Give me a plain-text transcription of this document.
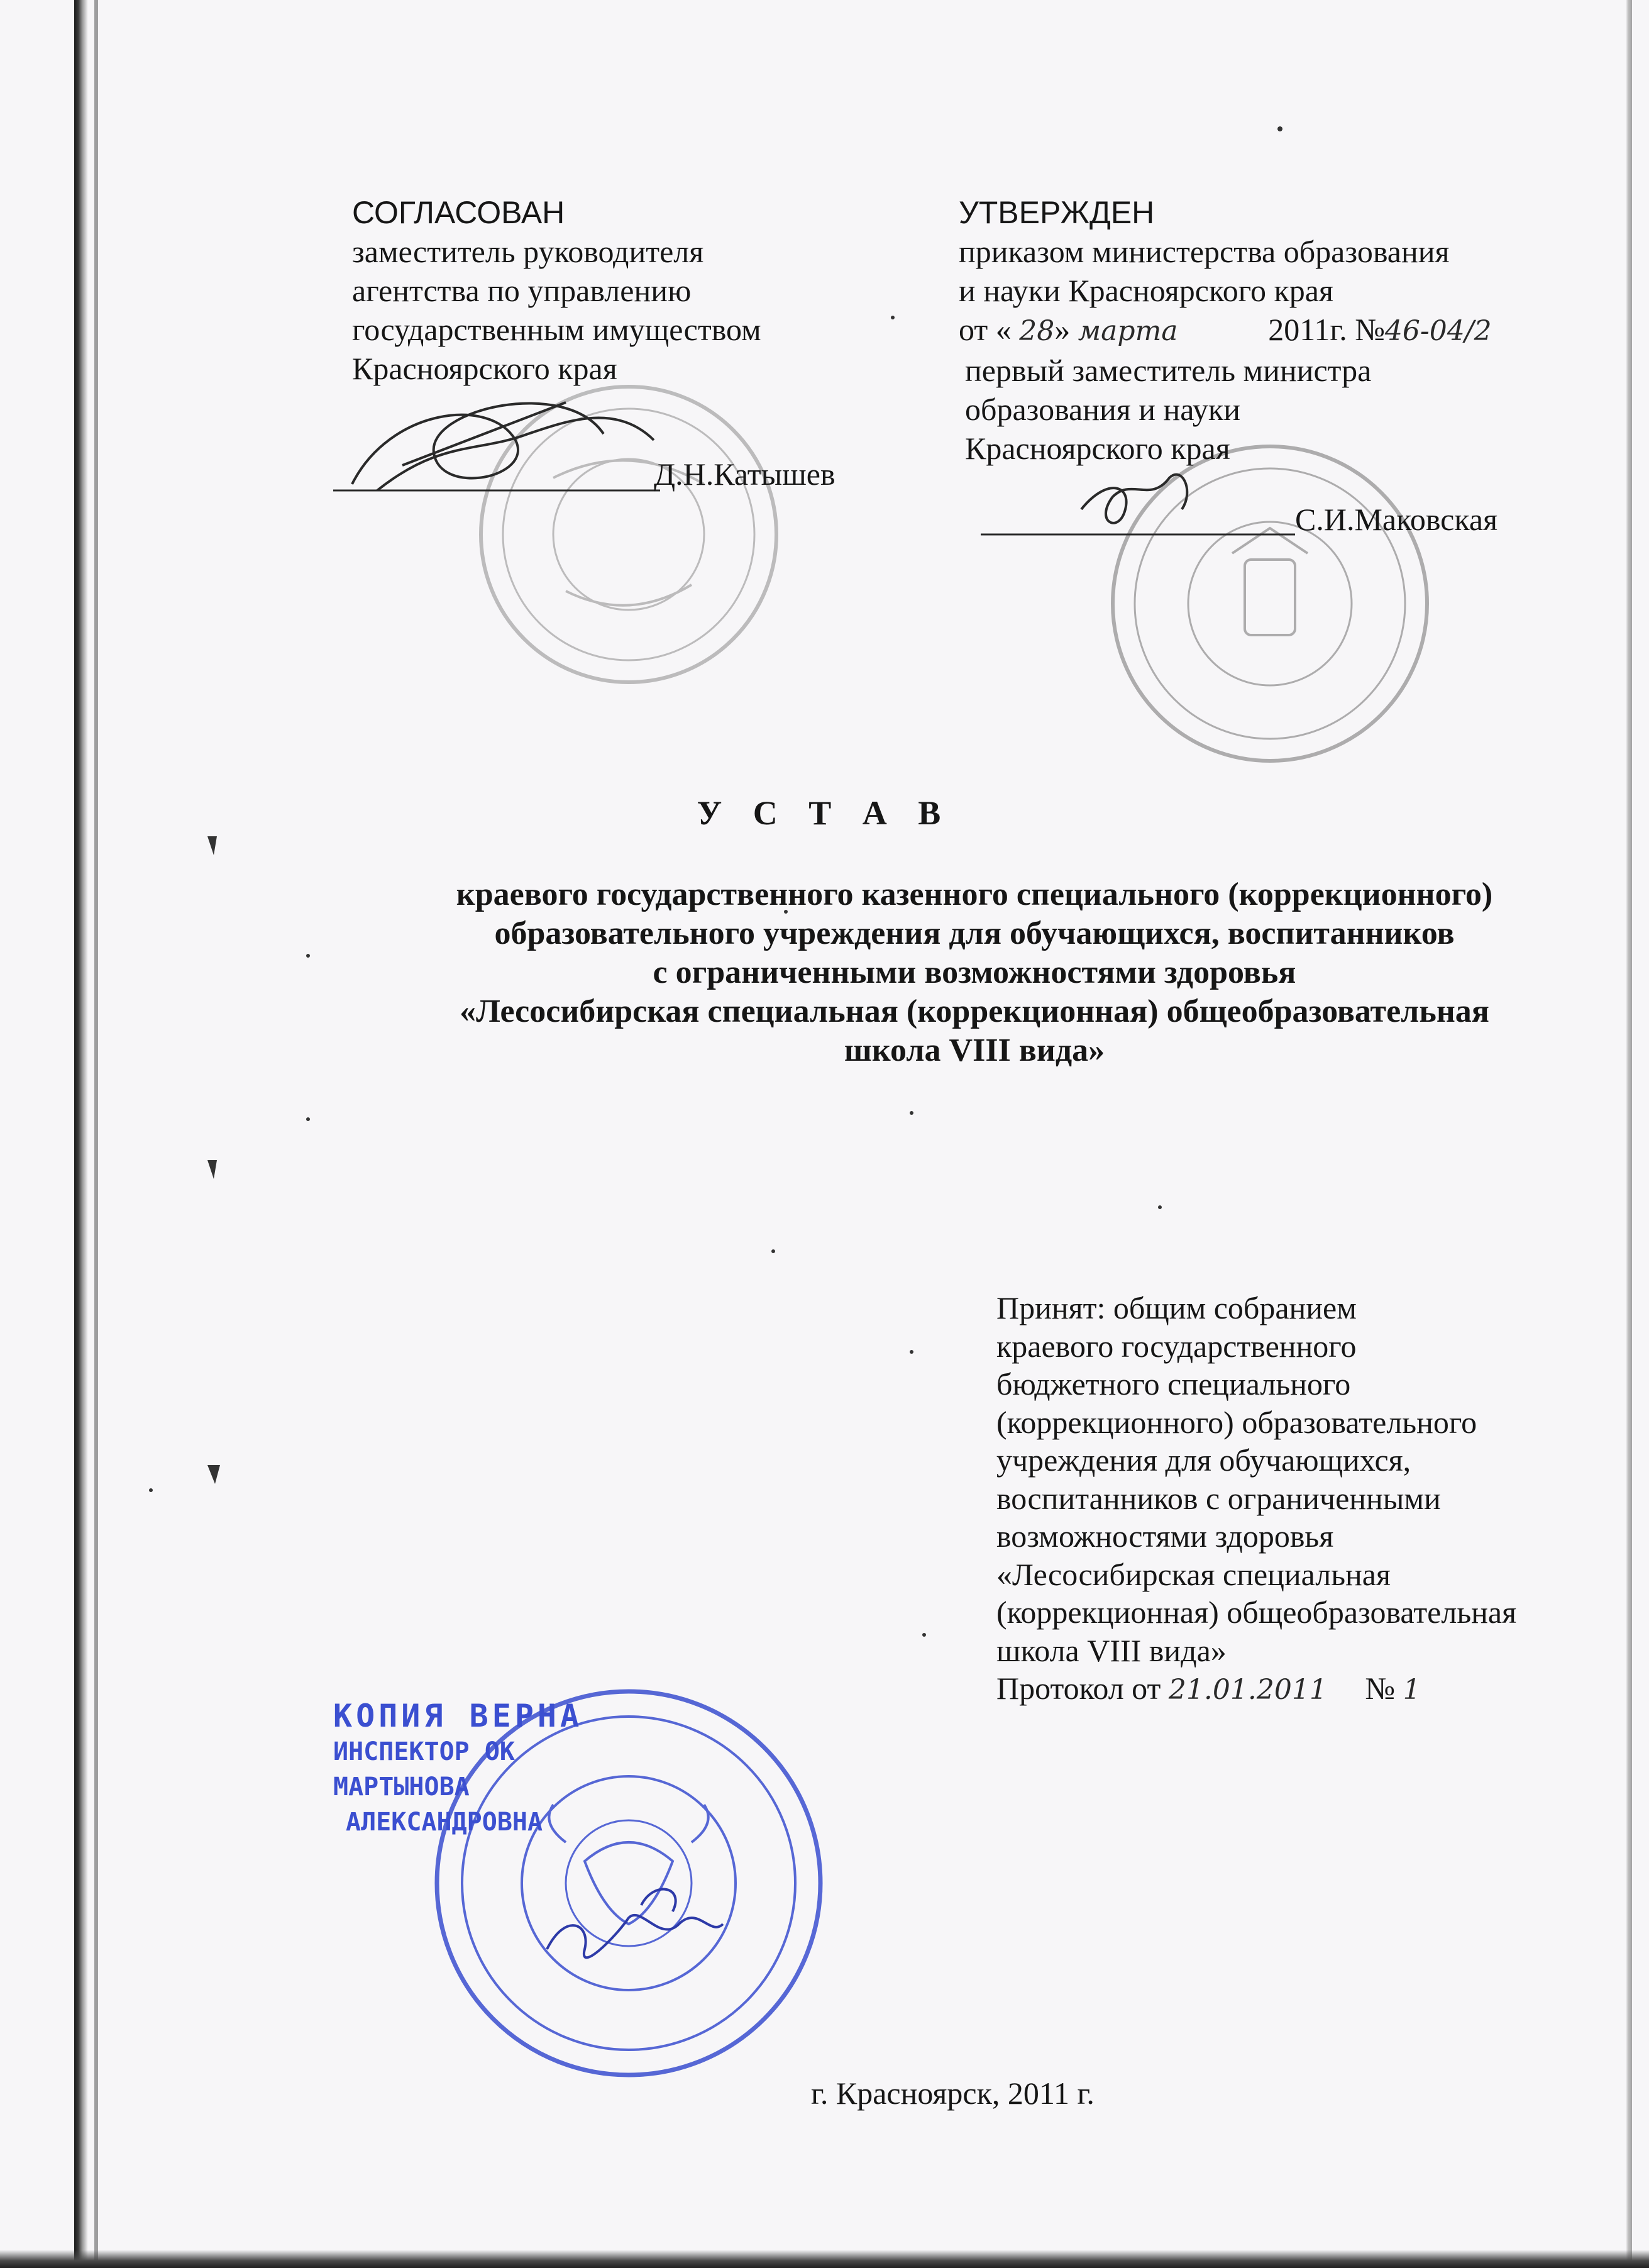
СОГЛАСОВАН
заместитель руководителя
агентства по управлению
государственным имуществом
Красноярского края
Д.Н.Катышев
УТВЕРЖДЕН
приказом министерства образования
и науки Красноярского края
от « 28» марта	2011г. №46-04/2
первый заместитель министра
образования и науки
Красноярского края
С.И.Маковская
У С Т А В
краевого государственного казенного специального (коррекционного)
образовательного учреждения для обучающихся, воспитанников
с ограниченными возможностями здоровья
«Лесосибирская специальная (коррекционная) общеобразовательная
школа VIII вида»
Принят: общим собранием
краевого государственного
бюджетного специального
(коррекционного) образовательного
учреждения для обучающихся,
воспитанников с ограниченными
возможностями здоровья
«Лесосибирская специальная
(коррекционная) общеобразовательная
школа VIII вида»
Протокол от 21.01.2011 № 1
КОПИЯ ВЕРНА
ИНСПЕКТОР ОК
МАРТЫНОВА
АЛЕКСАНДРОВНА
г. Красноярск, 2011 г.
